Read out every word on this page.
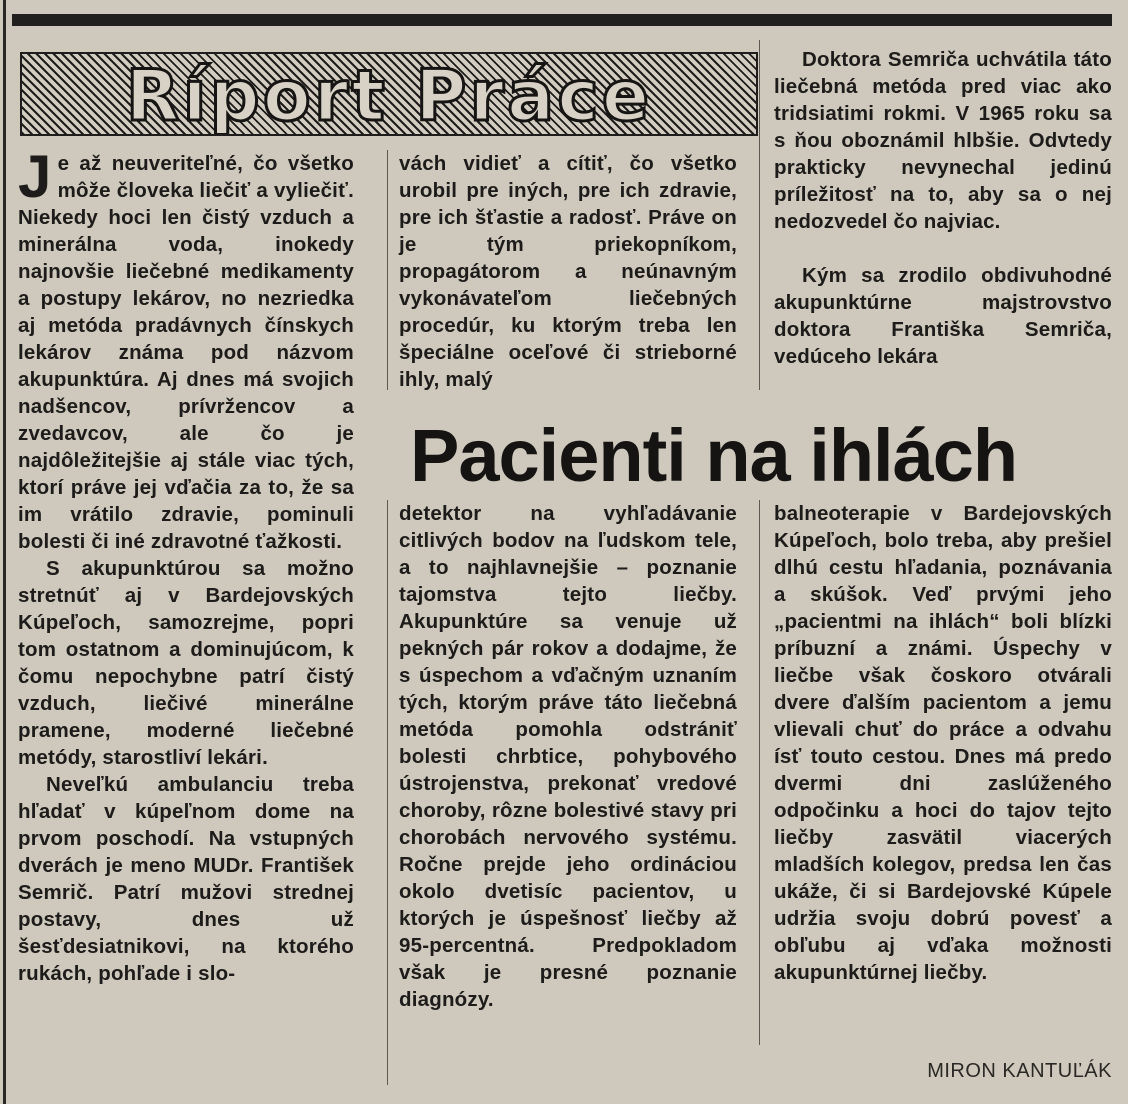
Ríport Práce

Je až neuveriteľné, čo všetko môže človeka liečiť a vyliečiť. Niekedy hoci len čistý vzduch a minerálna voda, inokedy najnovšie liečebné medikamenty a postupy lekárov, no nezriedka aj metóda pradávnych čínskych lekárov známa pod názvom akupunktúra. Aj dnes má svojich nadšencov, prívržencov a zvedavcov, ale čo je najdôležitejšie aj stále viac tých, ktorí práve jej vďačia za to, že sa im vrátilo zdravie, pominuli bolesti či iné zdravotné ťažkosti.

S akupunktúrou sa možno stretnúť aj v Bardejovských Kúpeľoch, samozrejme, popri tom ostatnom a dominujúcom, k čomu nepochybne patrí čistý vzduch, liečivé minerálne pramene, moderné liečebné metódy, starostliví lekári.

Neveľkú ambulanciu treba hľadať v kúpeľnom dome na prvom poschodí. Na vstupných dverách je meno MUDr. František Semrič. Patrí mužovi strednej postavy, dnes už šesťdesiatnikovi, na ktorého rukách, pohľade i slo-

vách vidieť a cítiť, čo všetko urobil pre iných, pre ich zdravie, pre ich šťastie a radosť. Práve on je tým priekopníkom, propagátorom a neúnavným vykonávateľom liečebných procedúr, ku ktorým treba len špeciálne oceľové či strieborné ihly, malý

Pacienti na ihlách

detektor na vyhľadávanie citlivých bodov na ľudskom tele, a to najhlavnejšie – poznanie tajomstva tejto liečby. Akupunktúre sa venuje už pekných pár rokov a dodajme, že s úspechom a vďačným uznaním tých, ktorým práve táto liečebná metóda pomohla odstrániť bolesti chrbtice, pohybového ústrojenstva, prekonať vredové choroby, rôzne bolestivé stavy pri chorobách nervového systému. Ročne prejde jeho ordináciou okolo dvetisíc pacientov, u ktorých je úspešnosť liečby až 95-percentná. Predpokladom však je presné poznanie diagnózy.

Doktora Semriča uchvátila táto liečebná metóda pred viac ako tridsiatimi rokmi. V 1965 roku sa s ňou oboznámil hlbšie. Odvtedy prakticky nevynechal jedinú príležitosť na to, aby sa o nej nedozvedel čo najviac.

Kým sa zrodilo obdivuhodné akupunktúrne majstrovstvo doktora Františka Semriča, vedúceho lekára

balneoterapie v Bardejovských Kúpeľoch, bolo treba, aby prešiel dlhú cestu hľadania, poznávania a skúšok. Veď prvými jeho „pacientmi na ihlách“ boli blízki príbuzní a známi. Úspechy v liečbe však čoskoro otvárali dvere ďalším pacientom a jemu vlievali chuť do práce a odvahu ísť touto cestou. Dnes má predo dvermi dni zaslúženého odpočinku a hoci do tajov tejto liečby zasvätil viacerých mladších kolegov, predsa len čas ukáže, či si Bardejovské Kúpele udržia svoju dobrú povesť a obľubu aj vďaka možnosti akupunktúrnej liečby.

MIRON KANTUĽÁK
